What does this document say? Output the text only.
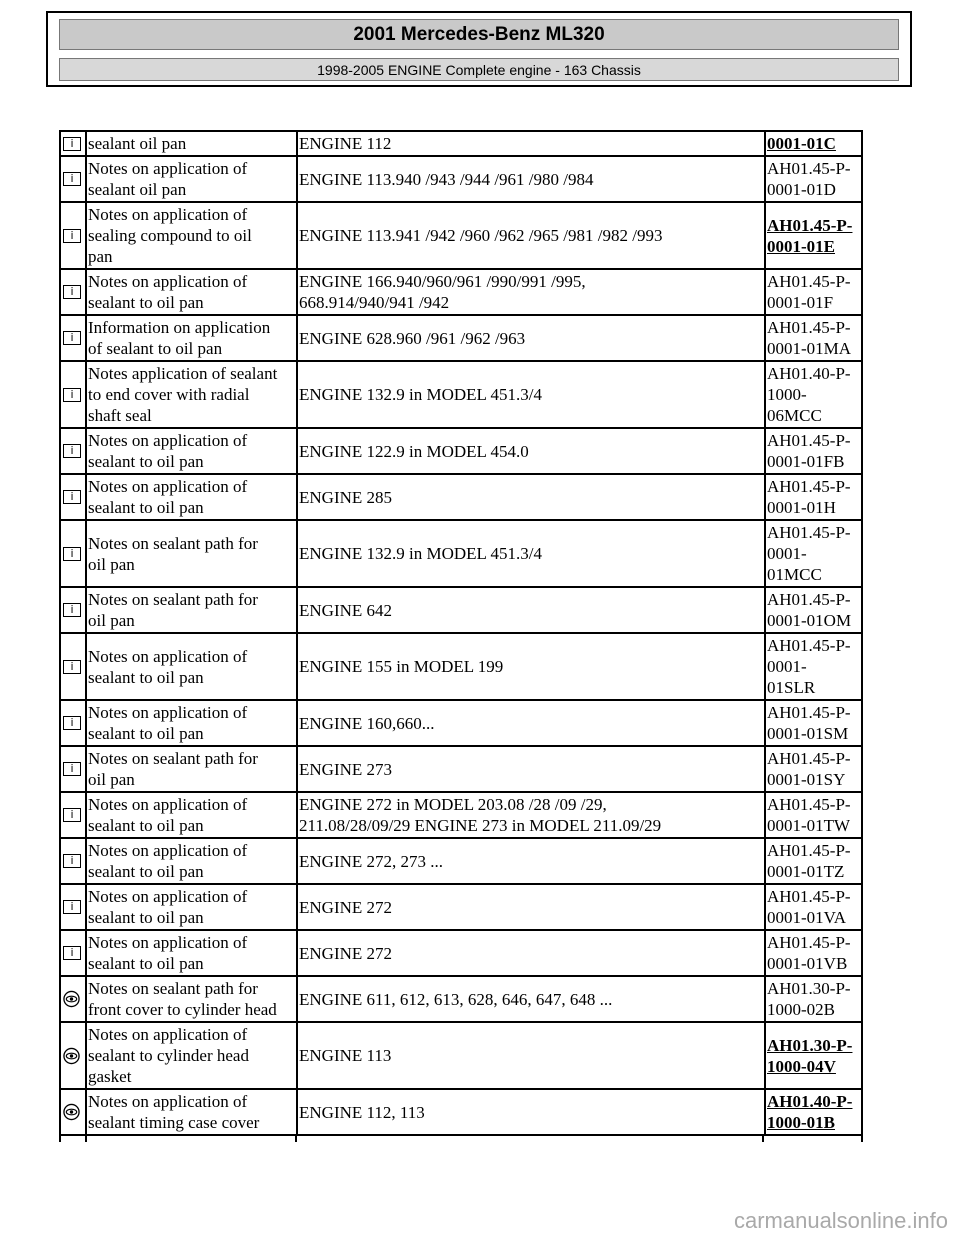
2001 Mercedes-Benz ML320
1998-2005 ENGINE Complete engine - 163 Chassis
i sealant oil pan	ENGINE 112	0001-01C
i
Notes on application of
sealant oil pan
ENGINE 113.940 /943 /944 /961 /980 /984
AH01.45-P-
0001-01D
i
Notes on application of
sealing compound to oil
pan
ENGINE 113.941 /942 /960 /962 /965 /981 /982 /993
AH01.45-P-
0001-01E
i
Notes on application of
sealant to oil pan
ENGINE 166.940/960/961 /990/991 /995,
668.914/940/941 /942
AH01.45-P-
0001-01F
i
Information on application
of sealant to oil pan
ENGINE 628.960 /961 /962 /963
AH01.45-P-
0001-01MA
i
Notes application of sealant
to end cover with radial
shaft seal
ENGINE 132.9 in MODEL 451.3/4
AH01.40-P-
1000-
06MCC
i
Notes on application of
sealant to oil pan
ENGINE 122.9 in MODEL 454.0
AH01.45-P-
0001-01FB
i
Notes on application of
sealant to oil pan
ENGINE 285
AH01.45-P-
0001-01H
i
Notes on sealant path for
oil pan
ENGINE 132.9 in MODEL 451.3/4
AH01.45-P-
0001-
01MCC
i
Notes on sealant path for
oil pan
ENGINE 642
AH01.45-P-
0001-01OM
i
Notes on application of
sealant to oil pan
ENGINE 155 in MODEL 199
AH01.45-P-
0001-
01SLR
i
Notes on application of
sealant to oil pan
ENGINE 160,660...
AH01.45-P-
0001-01SM
i
Notes on sealant path for
oil pan
ENGINE 273
AH01.45-P-
0001-01SY
i
Notes on application of
sealant to oil pan
ENGINE 272 in MODEL 203.08 /28 /09 /29,
211.08/28/09/29 ENGINE 273 in MODEL 211.09/29
AH01.45-P-
0001-01TW
i
Notes on application of
sealant to oil pan
ENGINE 272, 273 ...
AH01.45-P-
0001-01TZ
i
Notes on application of
sealant to oil pan
ENGINE 272
AH01.45-P-
0001-01VA
i
Notes on application of
sealant to oil pan
ENGINE 272
AH01.45-P-
0001-01VB
Notes on sealant path for
front cover to cylinder head
ENGINE 611, 612, 613, 628, 646, 647, 648 ...
AH01.30-P-
1000-02B
Notes on application of
sealant to cylinder head
gasket
ENGINE 113
AH01.30-P-
1000-04V
Notes on application of
sealant timing case cover
ENGINE 112, 113
AH01.40-P-
1000-01B
carmanualsonline.info
